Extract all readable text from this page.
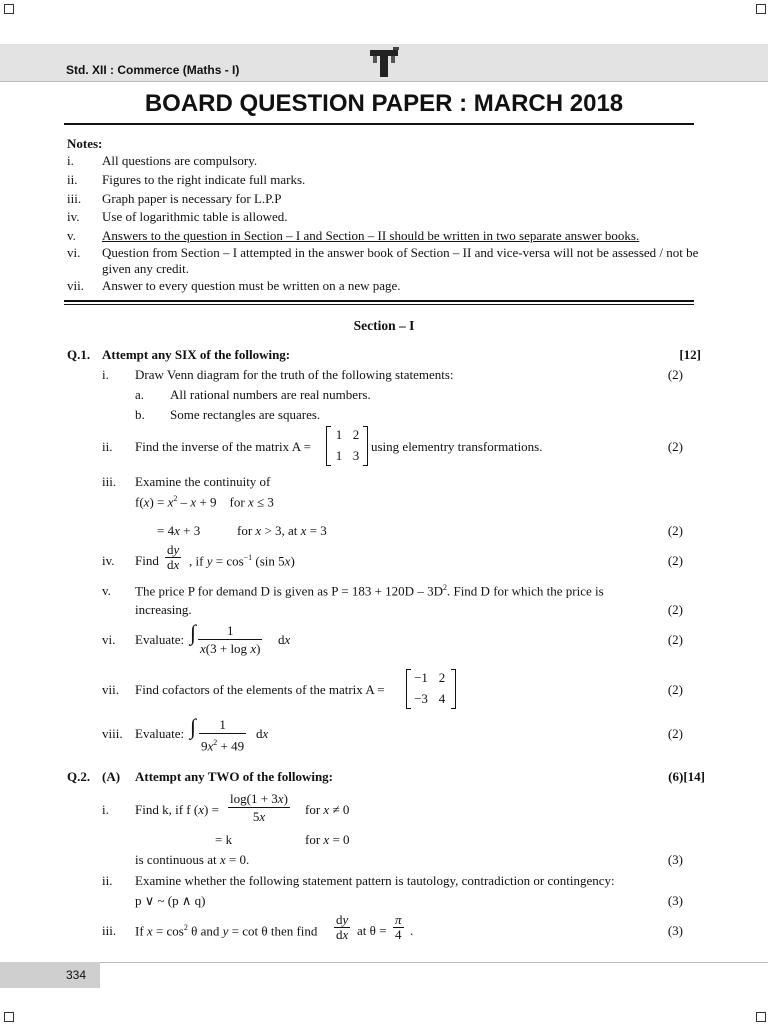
Std. XII : Commerce (Maths - I)
BOARD QUESTION PAPER : MARCH 2018
Notes:
i. All questions are compulsory.
ii. Figures to the right indicate full marks.
iii. Graph paper is necessary for L.P.P
iv. Use of logarithmic table is allowed.
v. Answers to the question in Section – I and Section – II should be written in two separate answer books.
vi. Question from Section – I attempted in the answer book of Section – II and vice-versa will not be assessed / not be given any credit.
vii. Answer to every question must be written on a new page.
Section – I
Q.1. Attempt any SIX of the following:	[12]
i. Draw Venn diagram for the truth of the following statements:	(2)
a. All rational numbers are real numbers.
b. Some rectangles are squares.
ii. Find the inverse of the matrix A =
1 2
1 3
using elementry transformations.	(2)
iii. Examine the continuity of
$f(x) = x^2 - x + 9$    for x ≤ 3
= 4x + 3	for x > 3, at x = 3	(2)
iv. Find $\frac{dy}{dx}$ , if $y = \cos^{-1} (\sin$ 5x)	(2)
v. The price P for demand D is given as $P = 183 + 120D - 3D^2$. Find D for which the price is
increasing.	(2)
vi. Evaluate: ∫ $\frac{1}{\text{x(3 + log x)}}$ dx	(2)
vii. Find cofactors of the elements of the matrix A =
−1 2
−3 4
(2)
viii. Evaluate: ∫ $\frac{1}{9x^2 + 49}$ dx	(2)
Q.2. (A) Attempt any TWO of the following:	(6)[14]
i. Find k, if f $(x) = \frac{\log(1 + 3x)}{5x}$ for x ≠ 0
= k	for x = 0
is continuous at x = 0.	(3)
ii. Examine whether the following statement pattern is tautology, contradiction or contingency:
p ∨ ~ (p ∧ q)	(3)
iii. If $x = \cos^2 \theta$ and y = cot θ then find $\frac{dy}{dx}$ at $\theta = \frac{\pi}{4}$ .	(3)
334
